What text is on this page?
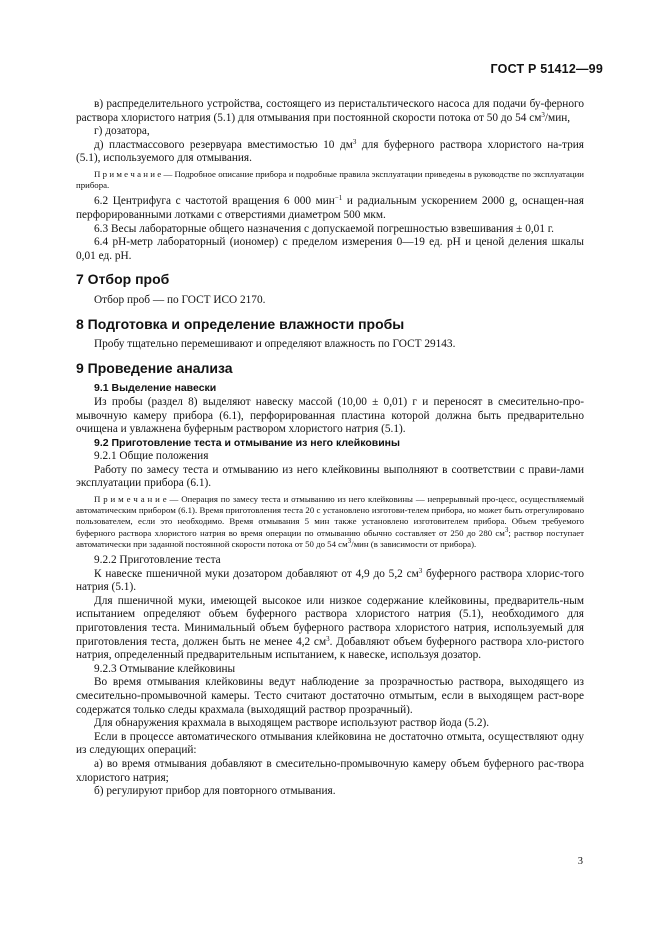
ГОСТ Р 51412—99

в) распределительного устройства, состоящего из перистальтического насоса для подачи бу-ферного раствора хлористого натрия (5.1) для отмывания при постоянной скорости потока от 50 до 54 $см^3$/мин,

г) дозатора,

д) пластмассового резервуара вместимостью 10 $дм^3$ для буферного раствора хлористого на-трия (5.1), используемого для отмывания.

П р и м е ч а н и е — Подробное описание прибора и подробные правила эксплуатации приведены в руководстве по эксплуатации прибора.

6.2 Центрифуга с частотой вращения 6 000 мин$^{-1}$ и радиальным ускорением 2000 g, оснащен-ная перфорированными лотками с отверстиями диаметром 500 мкм.

6.3 Весы лабораторные общего назначения с допускаемой погрешностью взвешивания ± 0,01 г.

6.4 рН-метр лабораторный (иономер) с пределом измерения 0—19 ед. рН и ценой деления шкалы 0,01 ед. рН.

7 Отбор проб

Отбор проб — по ГОСТ ИСО 2170.

8 Подготовка и определение влажности пробы

Пробу тщательно перемешивают и определяют влажность по ГОСТ 29143.

9 Проведение анализа
9.1 Выделение навески

Из пробы (раздел 8) выделяют навеску массой (10,00 ± 0,01) г и переносят в смесительно-про-мывочную камеру прибора (6.1), перфорированная пластина которой должна быть предварительно очищена и увлажнена буферным раствором хлористого натрия (5.1).

9.2 Приготовление теста и отмывание из него клейковины

9.2.1 Общие положения

Работу по замесу теста и отмыванию из него клейковины выполняют в соответствии с прави-лами эксплуатации прибора (6.1).

П р и м е ч а н и е — Операция по замесу теста и отмыванию из него клейковины — непрерывный про-цесс, осуществляемый автоматическим прибором (6.1). Время приготовления теста 20 с установлено изготови-телем прибора, но может быть отрегулировано пользователем, если это необходимо. Время отмывания 5 мин также установлено изготовителем прибора. Объем требуемого буферного раствора хлористого натрия во время операции по отмыванию обычно составляет от 250 до 280 $см^3$; раствор поступает автоматически при заданной постоянной скорости потока от 50 до 54 $см^3$/мин (в зависимости от прибора).

9.2.2 Приготовление теста

К навеске пшеничной муки дозатором добавляют от 4,9 до 5,2 $см^3$ буферного раствора хлорис-того натрия (5.1).

Для пшеничной муки, имеющей высокое или низкое содержание клейковины, предваритель-ным испытанием определяют объем буферного раствора хлористого натрия (5.1), необходимого для приготовления теста. Минимальный объем буферного раствора хлористого натрия, используемый для приготовления теста, должен быть не менее 4,2 $см^3$. Добавляют объем буферного раствора хло-ристого натрия, определенный предварительным испытанием, к навеске, используя дозатор.

9.2.3 Отмывание клейковины

Во время отмывания клейковины ведут наблюдение за прозрачностью раствора, выходящего из смесительно-промывочной камеры. Тесто считают достаточно отмытым, если в выходящем раст-воре содержатся только следы крахмала (выходящий раствор прозрачный).

Для обнаружения крахмала в выходящем растворе используют раствор йода (5.2).

Если в процессе автоматического отмывания клейковина не достаточно отмыта, осуществляют одну из следующих операций:

а) во время отмывания добавляют в смесительно-промывочную камеру объем буферного рас-твора хлористого натрия;

б) регулируют прибор для повторного отмывания.

3
